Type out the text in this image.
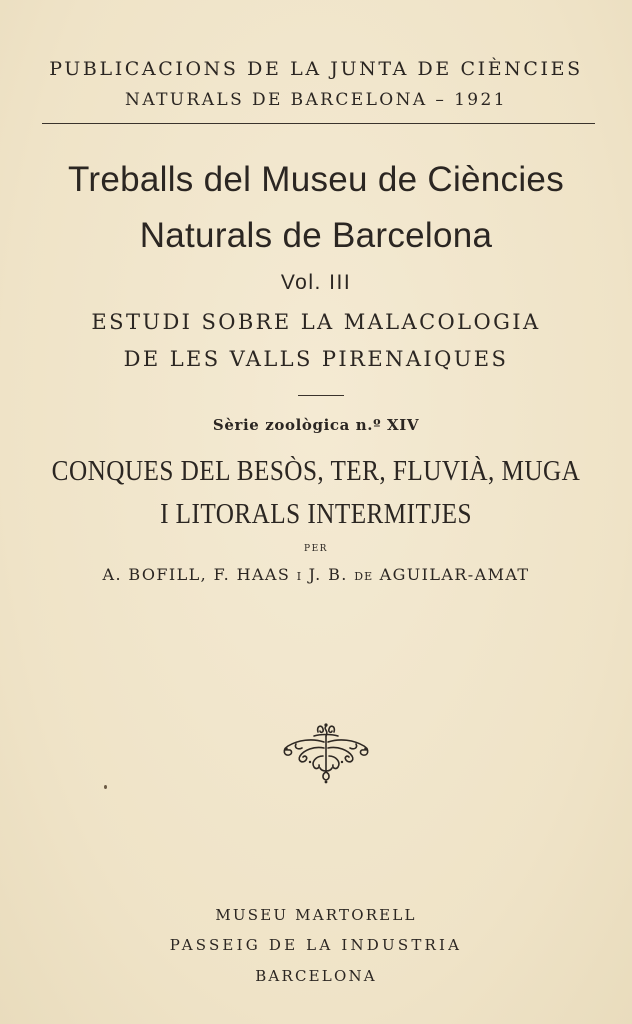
PUBLICACIONS DE LA JUNTA DE CIÈNCIES
NATURALS DE BARCELONA – 1921
Treballs del Museu de Ciències
Naturals de Barcelona
Vol. III
ESTUDI SOBRE LA MALACOLOGIA
DE LES VALLS PIRENAIQUES
Sèrie zoològica n.º XIV
CONQUES DEL BESÒS, TER, FLUVIÀ, MUGA
I LITORALS INTERMITJES
PER
A. BOFILL, F. HAAS I J. B. DE AGUILAR-AMAT
MUSEU MARTORELL
PASSEIG DE LA INDUSTRIA
BARCELONA
